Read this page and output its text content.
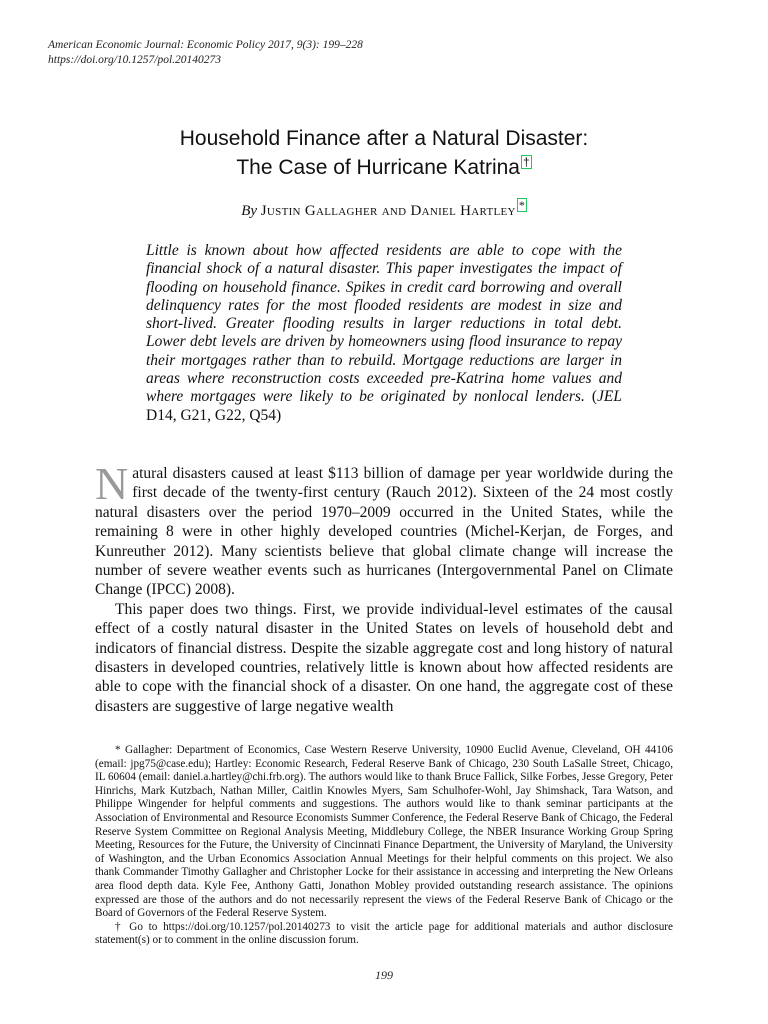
American Economic Journal: Economic Policy 2017, 9(3): 199–228
https://doi.org/10.1257/pol.20140273
Household Finance after a Natural Disaster:
The Case of Hurricane Katrina †
By Justin Gallagher and Daniel Hartley *
Little is known about how affected residents are able to cope with the financial shock of a natural disaster. This paper investigates the impact of flooding on household finance. Spikes in credit card borrowing and overall delinquency rates for the most flooded residents are modest in size and short-lived. Greater flooding results in larger reductions in total debt. Lower debt levels are driven by homeowners using flood insurance to repay their mortgages rather than to rebuild. Mortgage reductions are larger in areas where reconstruction costs exceeded pre-Katrina home values and where mortgages were likely to be originated by nonlocal lenders. (JEL D14, G21, G22, Q54)

Natural disasters caused at least $113 billion of damage per year worldwide during the first decade of the twenty-first century (Rauch 2012). Sixteen of the 24 most costly natural disasters over the period 1970–2009 occurred in the United States, while the remaining 8 were in other highly developed countries (Michel-Kerjan, de Forges, and Kunreuther 2012). Many scientists believe that global climate change will increase the number of severe weather events such as hurricanes (Intergovernmental Panel on Climate Change (IPCC) 2008).

This paper does two things. First, we provide individual-level estimates of the causal effect of a costly natural disaster in the United States on levels of household debt and indicators of financial distress. Despite the sizable aggregate cost and long history of natural disasters in developed countries, relatively little is known about how affected residents are able to cope with the financial shock of a disaster. On one hand, the aggregate cost of these disasters are suggestive of large negative wealth

* Gallagher: Department of Economics, Case Western Reserve University, 10900 Euclid Avenue, Cleveland, OH 44106 (email: jpg75@case.edu); Hartley: Economic Research, Federal Reserve Bank of Chicago, 230 South LaSalle Street, Chicago, IL 60604 (email: daniel.a.hartley@chi.frb.org). The authors would like to thank Bruce Fallick, Silke Forbes, Jesse Gregory, Peter Hinrichs, Mark Kutzbach, Nathan Miller, Caitlin Knowles Myers, Sam Schulhofer-Wohl, Jay Shimshack, Tara Watson, and Philippe Wingender for helpful comments and suggestions. The authors would like to thank seminar participants at the Association of Environmental and Resource Economists Summer Conference, the Federal Reserve Bank of Chicago, the Federal Reserve System Committee on Regional Analysis Meeting, Middlebury College, the NBER Insurance Working Group Spring Meeting, Resources for the Future, the University of Cincinnati Finance Department, the University of Maryland, the University of Washington, and the Urban Economics Association Annual Meetings for their helpful comments on this project. We also thank Commander Timothy Gallagher and Christopher Locke for their assistance in accessing and interpreting the New Orleans area flood depth data. Kyle Fee, Anthony Gatti, Jonathon Mobley provided outstanding research assistance. The opinions expressed are those of the authors and do not necessarily represent the views of the Federal Reserve Bank of Chicago or the Board of Governors of the Federal Reserve System.

† Go to https://doi.org/10.1257/pol.20140273 to visit the article page for additional materials and author disclosure statement(s) or to comment in the online discussion forum.

199
